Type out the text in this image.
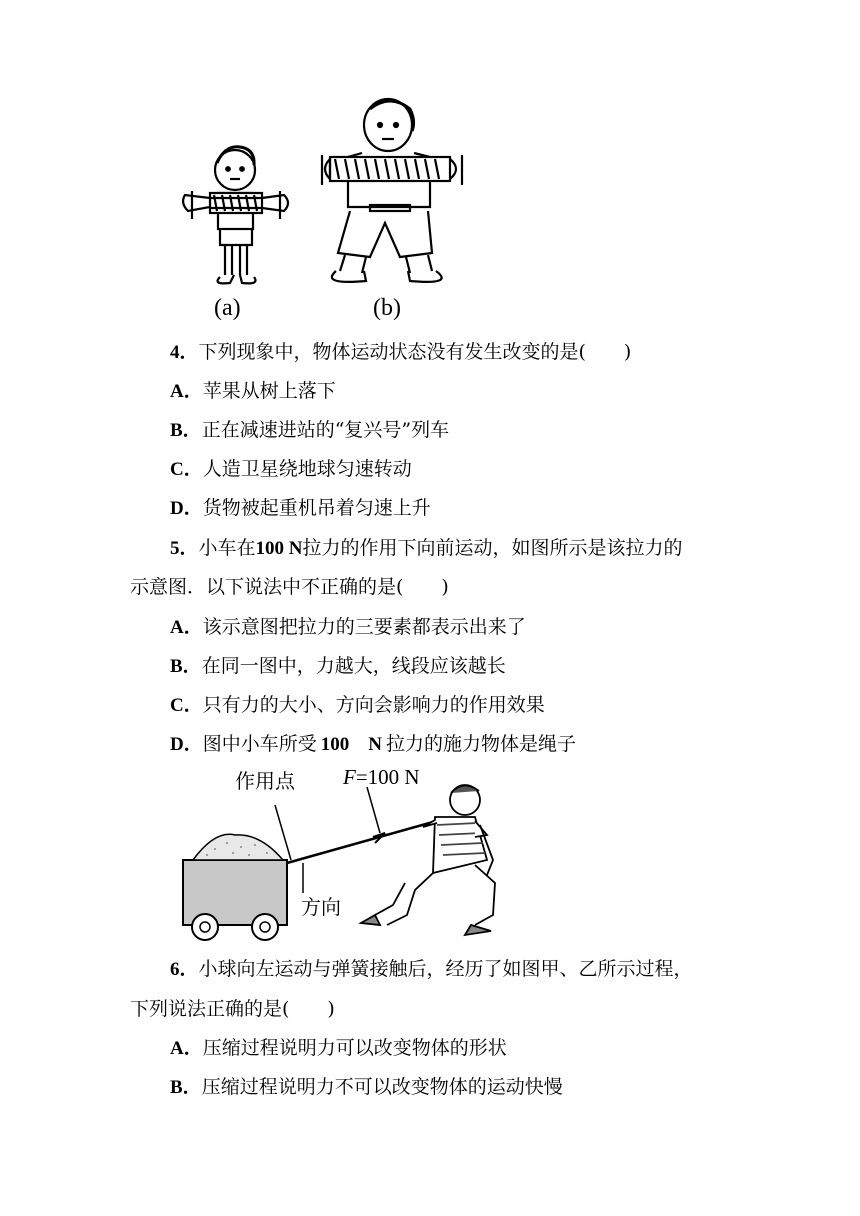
(a)	(b)
4．下列现象中，物体运动状态没有发生改变的是(　　)
A．苹果从树上落下
B．正在减速进站的“复兴号”列车
C．人造卫星绕地球匀速转动
D．货物被起重机吊着匀速上升
5．小车在100 N拉力的作用下向前运动，如图所示是该拉力的
示意图．以下说法中不正确的是(　　)
A．该示意图把拉力的三要素都表示出来了
B．在同一图中，力越大，线段应该越长
C．只有力的大小、方向会影响力的作用效果
D．图中小车所受 100　N 拉力的施力物体是绳子
作用点 F=100 N
方向
6．小球向左运动与弹簧接触后，经历了如图甲、乙所示过程，
下列说法正确的是(　　)
A．压缩过程说明力可以改变物体的形状
B．压缩过程说明力不可以改变物体的运动快慢
